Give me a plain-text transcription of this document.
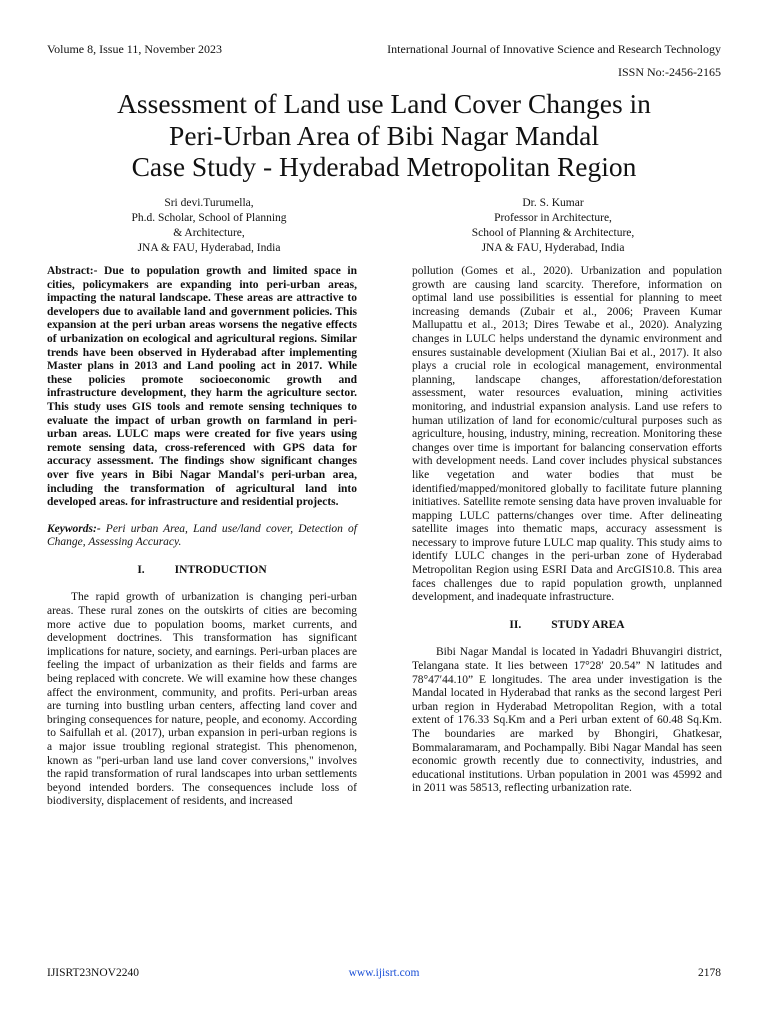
Volume 8, Issue 11, November 2023	International Journal of Innovative Science and Research Technology
ISSN No:-2456-2165
Assessment of Land use Land Cover Changes in
Peri-Urban Area of Bibi Nagar Mandal
Case Study - Hyderabad Metropolitan Region
Sri devi.Turumella,
Ph.d. Scholar, School of Planning
& Architecture,
JNA & FAU, Hyderabad, India
Dr. S. Kumar
Professor in Architecture,
School of Planning & Architecture,
JNA & FAU, Hyderabad, India

Abstract:- Due to population growth and limited space in cities, policymakers are expanding into peri-urban areas, impacting the natural landscape. These areas are attractive to developers due to available land and government policies. This expansion at the peri urban areas worsens the negative effects of urbanization on ecological and agricultural regions. Similar trends have been observed in Hyderabad after implementing Master plans in 2013 and Land pooling act in 2017. While these policies promote socioeconomic growth and infrastructure development, they harm the agriculture sector. This study uses GIS tools and remote sensing techniques to evaluate the impact of urban growth on farmland in peri-urban areas. LULC maps were created for five years using remote sensing data, cross-referenced with GPS data for accuracy assessment. The findings show significant changes over five years in Bibi Nagar Mandal's peri-urban area, including the transformation of agricultural land into developed areas. for infrastructure and residential projects.

Keywords:- Peri urban Area, Land use/land cover, Detection of Change, Assessing Accuracy.

I.	INTRODUCTION

The rapid growth of urbanization is changing peri-urban areas. These rural zones on the outskirts of cities are becoming more active due to population booms, market currents, and development doctrines. This transformation has significant implications for nature, society, and earnings. Peri-urban places are feeling the impact of urbanization as their fields and farms are being replaced with concrete. We will examine how these changes affect the environment, community, and profits. Peri-urban areas are turning into bustling urban centers, affecting land cover and bringing consequences for nature, people, and economy. According to Saifullah et al. (2017), urban expansion in peri-urban regions is a major issue troubling regional strategist. This phenomenon, known as "peri-urban land use land cover conversions," involves the rapid transformation of rural landscapes into urban settlements beyond intended borders. The consequences include loss of biodiversity, displacement of residents, and increased

pollution (Gomes et al., 2020). Urbanization and population growth are causing land scarcity. Therefore, information on optimal land use possibilities is essential for planning to meet increasing demands (Zubair et al., 2006; Praveen Kumar Mallupattu et al., 2013; Dires Tewabe et al., 2020). Analyzing changes in LULC helps understand the dynamic environment and ensures sustainable development (Xiulian Bai et al., 2017). It also plays a crucial role in ecological management, environmental planning, landscape changes, afforestation/deforestation assessment, water resources evaluation, mining activities monitoring, and industrial expansion analysis. Land use refers to human utilization of land for economic/cultural purposes such as agriculture, housing, industry, mining, recreation. Monitoring these changes over time is important for balancing conservation efforts with development needs. Land cover includes physical substances like vegetation and water bodies that must be identified/mapped/monitored globally to facilitate future planning initiatives. Satellite remote sensing data have proven invaluable for mapping LULC patterns/changes over time. After delineating satellite images into thematic maps, accuracy assessment is necessary to improve future LULC map quality. This study aims to identify LULC changes in the peri-urban zone of Hyderabad Metropolitan Region using ESRI Data and ArcGIS10.8. This area faces challenges due to rapid population growth, unplanned development, and inadequate infrastructure.

II.	STUDY AREA

Bibi Nagar Mandal is located in Yadadri Bhuvangiri district, Telangana state. It lies between 17°28′ 20.54” N latitudes and 78°47′44.10” E longitudes. The area under investigation is the Mandal located in Hyderabad that ranks as the second largest Peri urban region in Hyderabad Metropolitan Region, with a total extent of 176.33 Sq.Km and a Peri urban extent of 60.48 Sq.Km. The boundaries are marked by Bhongiri, Ghatkesar, Bommalaramaram, and Pochampally. Bibi Nagar Mandal has seen economic growth recently due to connectivity, industries, and educational institutions. Urban population in 2001 was 45992 and in 2011 was 58513, reflecting urbanization rate.

IJISRT23NOV2240	www.ijisrt.com	2178
